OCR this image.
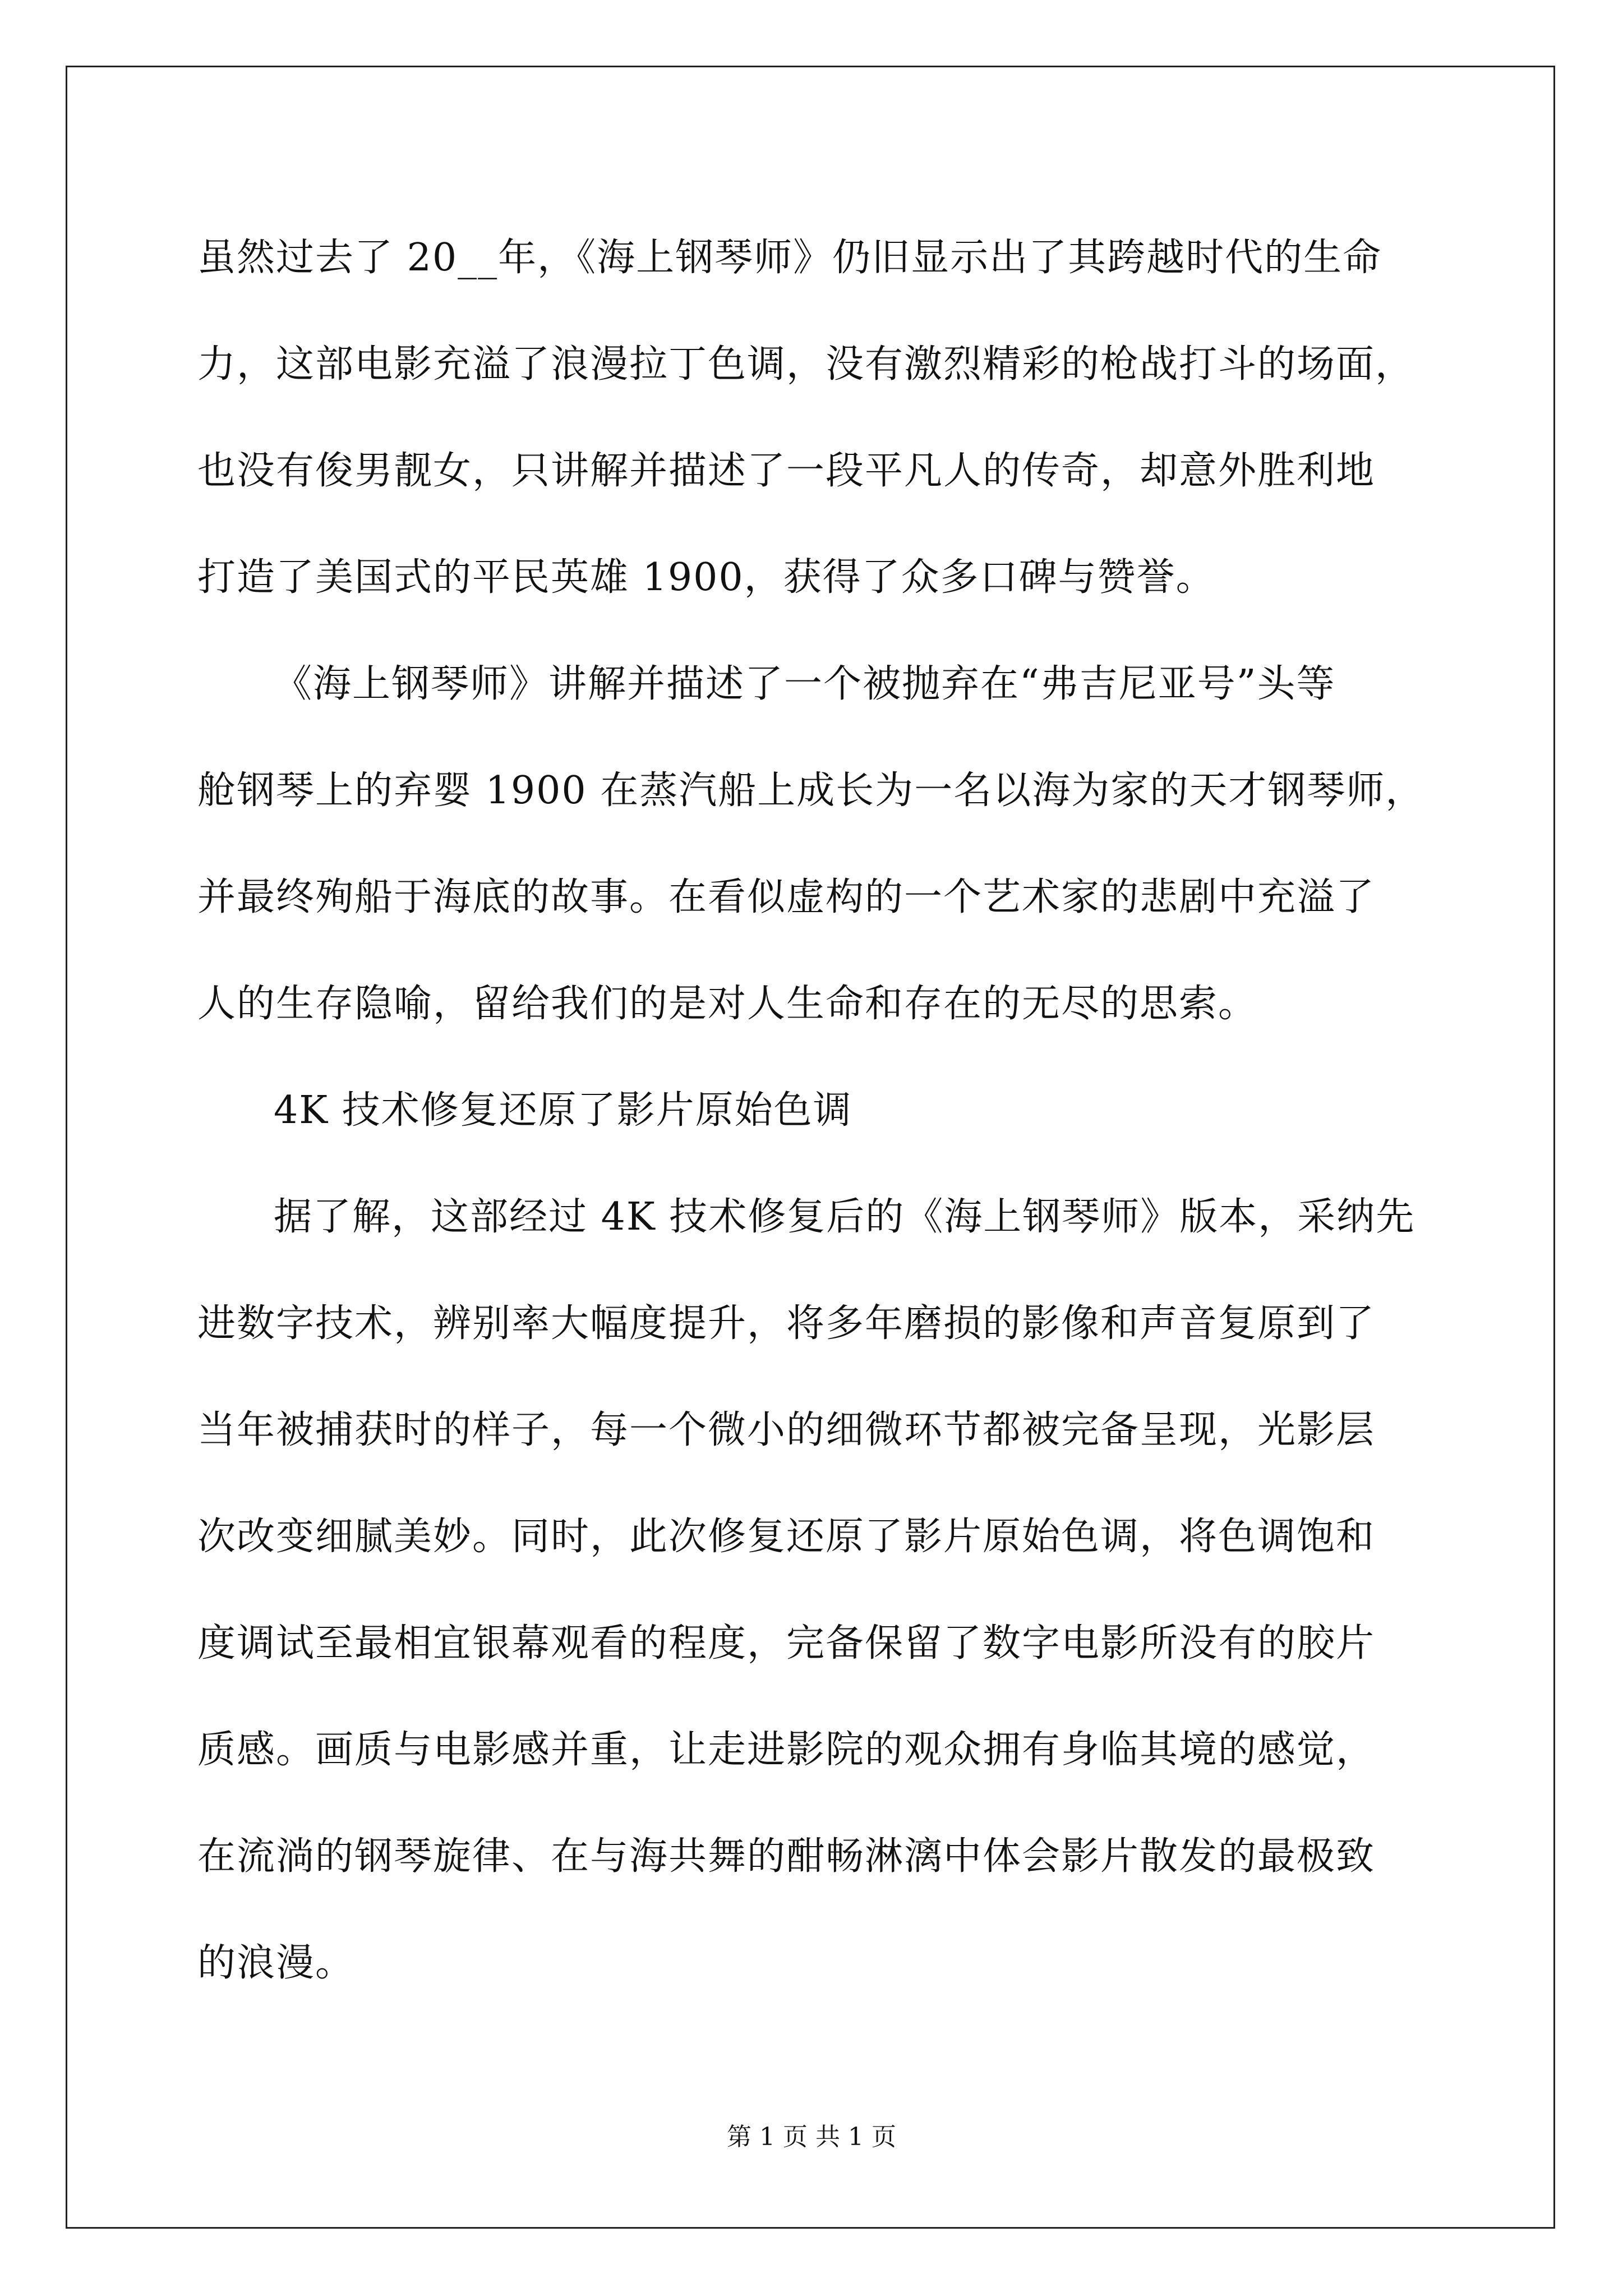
虽然过去了 20__年，《海上钢琴师》仍旧显示出了其跨越时代的生命
力，这部电影充溢了浪漫拉丁色调，没有激烈精彩的枪战打斗的场面，
也没有俊男靓女，只讲解并描述了一段平凡人的传奇，却意外胜利地
打造了美国式的平民英雄 1900，获得了众多口碑与赞誉。
《海上钢琴师》讲解并描述了一个被抛弃在“弗吉尼亚号”头等
舱钢琴上的弃婴 1900 在蒸汽船上成长为一名以海为家的天才钢琴师，
并最终殉船于海底的故事。在看似虚构的一个艺术家的悲剧中充溢了
人的生存隐喻，留给我们的是对人生命和存在的无尽的思索。
4K 技术修复还原了影片原始色调
据了解，这部经过 4K 技术修复后的《海上钢琴师》版本，采纳先
进数字技术，辨别率大幅度提升，将多年磨损的影像和声音复原到了
当年被捕获时的样子，每一个微小的细微环节都被完备呈现，光影层
次改变细腻美妙。同时，此次修复还原了影片原始色调，将色调饱和
度调试至最相宜银幕观看的程度，完备保留了数字电影所没有的胶片
质感。画质与电影感并重，让走进影院的观众拥有身临其境的感觉，
在流淌的钢琴旋律、在与海共舞的酣畅淋漓中体会影片散发的最极致
的浪漫。
第 1 页 共 1 页
